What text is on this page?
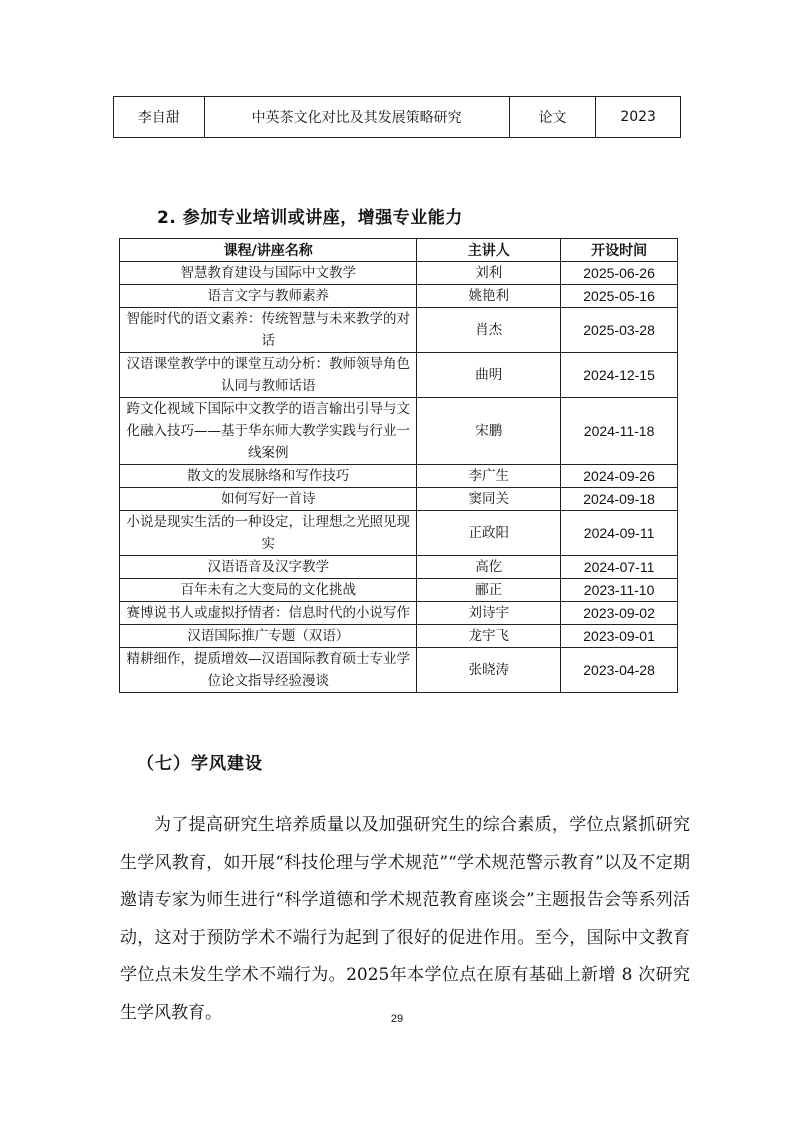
李自甜	中英茶文化对比及其发展策略研究	论文	2023
2. 参加专业培训或讲座，增强专业能力
课程/讲座名称	主讲人	开设时间
智慧教育建设与国际中文教学	刘利	2025-06-26
语言文字与教师素养	姚艳利	2025-05-16
智能时代的语文素养：传统智慧与未来教学的对话	肖杰	2025-03-28
汉语课堂教学中的课堂互动分析：教师领导角色认同与教师话语	曲明	2024-12-15
跨文化视域下国际中文教学的语言输出引导与文化融入技巧——基于华东师大教学实践与行业一线案例	宋鹏	2024-11-18
散文的发展脉络和写作技巧	李广生	2024-09-26
如何写好一首诗	窦同关	2024-09-18
小说是现实生活的一种设定，让理想之光照见现实	正政阳	2024-09-11
汉语语音及汉字教学	高仡	2024-07-11
百年未有之大变局的文化挑战	郦正	2023-11-10
赛博说书人或虚拟抒情者：信息时代的小说写作	刘诗宇	2023-09-02
汉语国际推广专题（双语）	龙宇飞	2023-09-01
精耕细作，提质增效—汉语国际教育硕士专业学位论文指导经验漫谈	张晓涛	2023-04-28
（七）学风建设

为了提高研究生培养质量以及加强研究生的综合素质，学位点紧抓研究生学风教育，如开展“科技伦理与学术规范”“学术规范警示教育”以及不定期邀请专家为师生进行“科学道德和学术规范教育座谈会”主题报告会等系列活动，这对于预防学术不端行为起到了很好的促进作用。至今，国际中文教育学位点未发生学术不端行为。2025年本学位点在原有基础上新增 8 次研究生学风教育。	29
